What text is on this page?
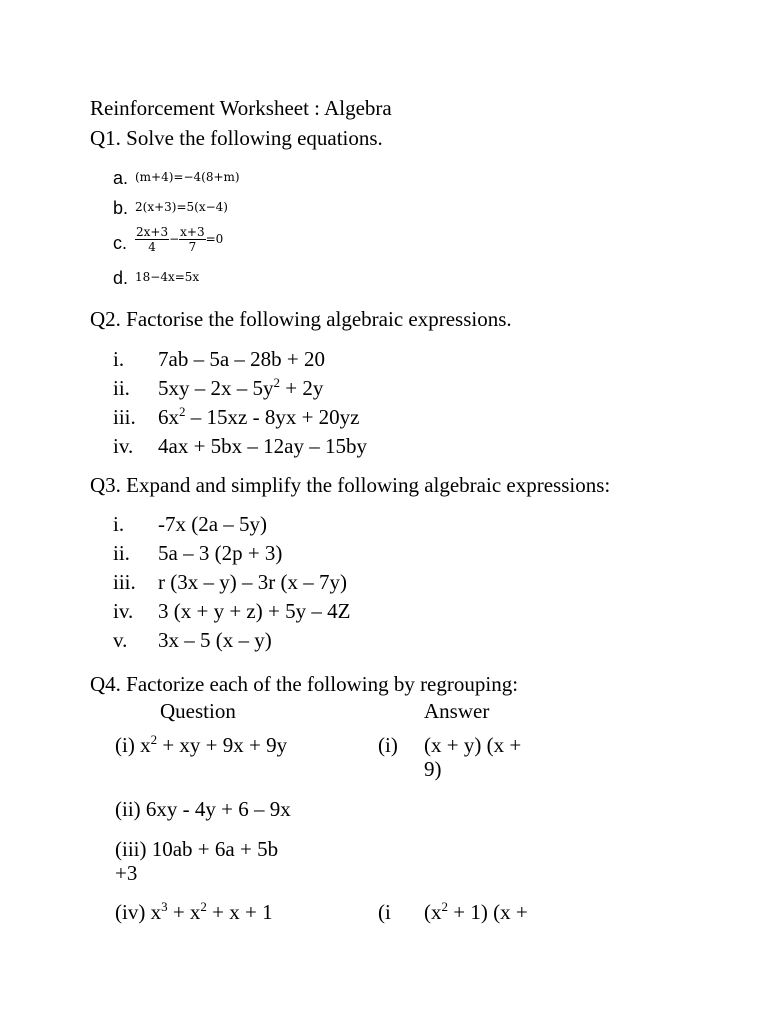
Reinforcement Worksheet : Algebra
Q1. Solve the following equations.
a. (m+4)=−4(8+m)
b. 2(x+3)=5(x−4)
c. $\frac{2x+3}{4} - \frac{x+3}{7} =0$
d. 18−4x=5x
Q2. Factorise the following algebraic expressions.
i. 7ab – 5a – 28b + 20
ii. $5xy - 2x - 5y^2 + 2y$
iii. $6x^2 - 15xz - 8yx + 20yz$
iv. 4ax + 5bx – 12ay – 15by
Q3. Expand and simplify the following algebraic expressions:
i. -7x (2a – 5y)
ii. 5a – 3 (2p + 3)
iii. r (3x – y) – 3r (x – 7y)
iv. 3 (x + y + z) + 5y – 4Z
v. 3x – 5 (x – y)
Q4. Factorize each of the following by regrouping:
Question	Answer
(i) $x^2$ + xy + 9x + 9y	(i) (x + y) (x + 9)
(ii) 6xy - 4y + 6 – 9x
(iii) 10ab + 6a + 5b +3
(iv) $x^3 + x^2 + x + 1$	(i $(x^2 + 1) (x$ +
